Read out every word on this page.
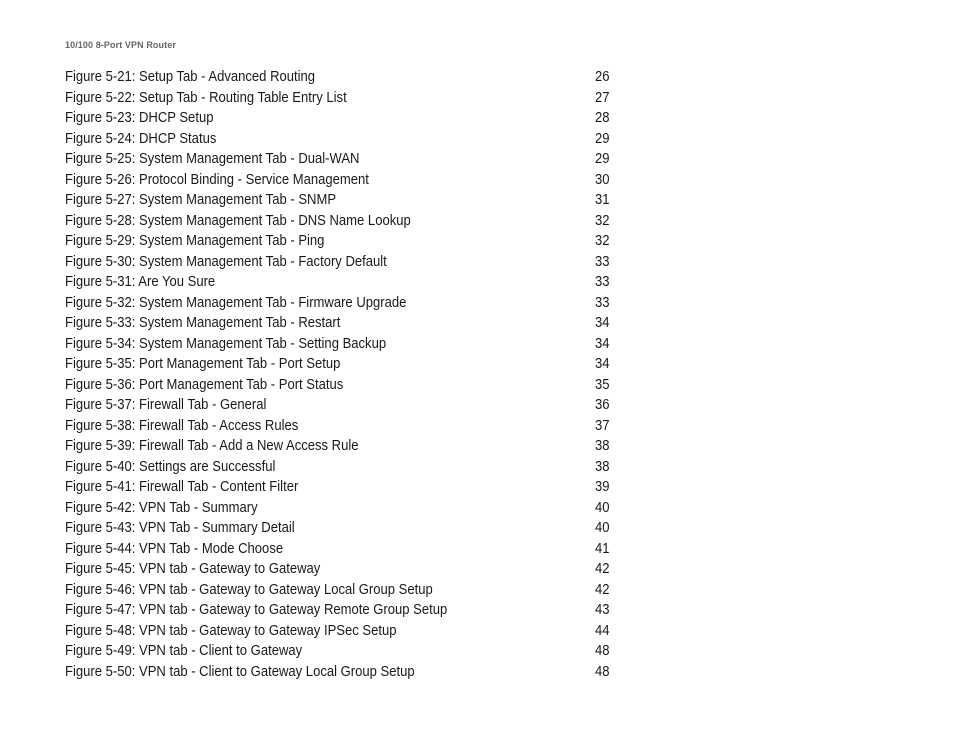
10/100 8-Port VPN Router
Figure 5-21: Setup Tab - Advanced Routing	26
Figure 5-22: Setup Tab - Routing Table Entry List	27
Figure 5-23: DHCP Setup	28
Figure 5-24: DHCP Status	29
Figure 5-25: System Management Tab - Dual-WAN	29
Figure 5-26: Protocol Binding - Service Management	30
Figure 5-27: System Management Tab - SNMP	31
Figure 5-28: System Management Tab - DNS Name Lookup	32
Figure 5-29: System Management Tab - Ping	32
Figure 5-30: System Management Tab - Factory Default	33
Figure 5-31: Are You Sure	33
Figure 5-32: System Management Tab - Firmware Upgrade	33
Figure 5-33: System Management Tab - Restart	34
Figure 5-34: System Management Tab - Setting Backup	34
Figure 5-35: Port Management Tab - Port Setup	34
Figure 5-36: Port Management Tab - Port Status	35
Figure 5-37: Firewall Tab - General	36
Figure 5-38: Firewall Tab - Access Rules	37
Figure 5-39: Firewall Tab - Add a New Access Rule	38
Figure 5-40: Settings are Successful	38
Figure 5-41: Firewall Tab - Content Filter	39
Figure 5-42: VPN Tab - Summary	40
Figure 5-43: VPN Tab - Summary Detail	40
Figure 5-44: VPN Tab - Mode Choose	41
Figure 5-45: VPN tab - Gateway to Gateway	42
Figure 5-46: VPN tab - Gateway to Gateway Local Group Setup	42
Figure 5-47: VPN tab - Gateway to Gateway Remote Group Setup	43
Figure 5-48: VPN tab - Gateway to Gateway IPSec Setup	44
Figure 5-49: VPN tab - Client to Gateway	48
Figure 5-50: VPN tab - Client to Gateway Local Group Setup	48
